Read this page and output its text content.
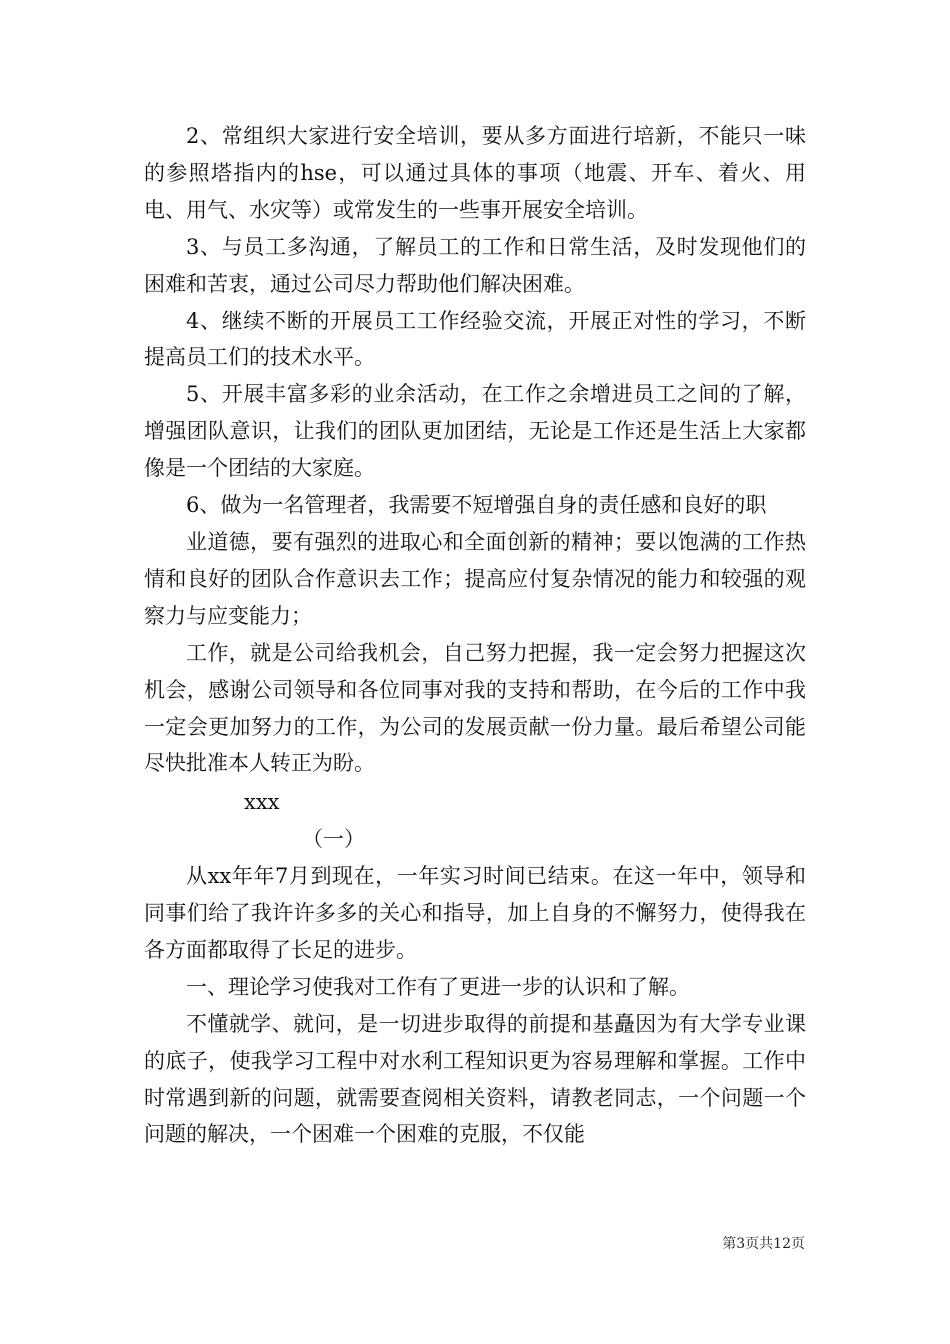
2、常组织大家进行安全培训，要从多方面进行培新，不能只一味的参照塔指内的hse，可以通过具体的事项（地震、开车、着火、用电、用气、水灾等）或常发生的一些事开展安全培训。

3、与员工多沟通，了解员工的工作和日常生活，及时发现他们的困难和苦衷，通过公司尽力帮助他们解决困难。

4、继续不断的开展员工工作经验交流，开展正对性的学习，不断提高员工们的技术水平。

5、开展丰富多彩的业余活动，在工作之余增进员工之间的了解，增强团队意识，让我们的团队更加团结，无论是工作还是生活上大家都像是一个团结的大家庭。

6、做为一名管理者，我需要不短增强自身的责任感和良好的职

业道德，要有强烈的进取心和全面创新的精神；要以饱满的工作热情和良好的团队合作意识去工作；提高应付复杂情况的能力和较强的观察力与应变能力；

工作，就是公司给我机会，自己努力把握，我一定会努力把握这次机会，感谢公司领导和各位同事对我的支持和帮助，在今后的工作中我一定会更加努力的工作，为公司的发展贡献一份力量。最后希望公司能尽快批准本人转正为盼。

xxx

（一）

从xx年年7月到现在，一年实习时间已结束。在这一年中，领导和同事们给了我许许多多的关心和指导，加上自身的不懈努力，使得我在各方面都取得了长足的进步。

一、理论学习使我对工作有了更进一步的认识和了解。

不懂就学、就问，是一切进步取得的前提和基矗因为有大学专业课的底子，使我学习工程中对水利工程知识更为容易理解和掌握。工作中时常遇到新的问题，就需要查阅相关资料，请教老同志，一个问题一个问题的解决，一个困难一个困难的克服，不仅能

第3页共12页
